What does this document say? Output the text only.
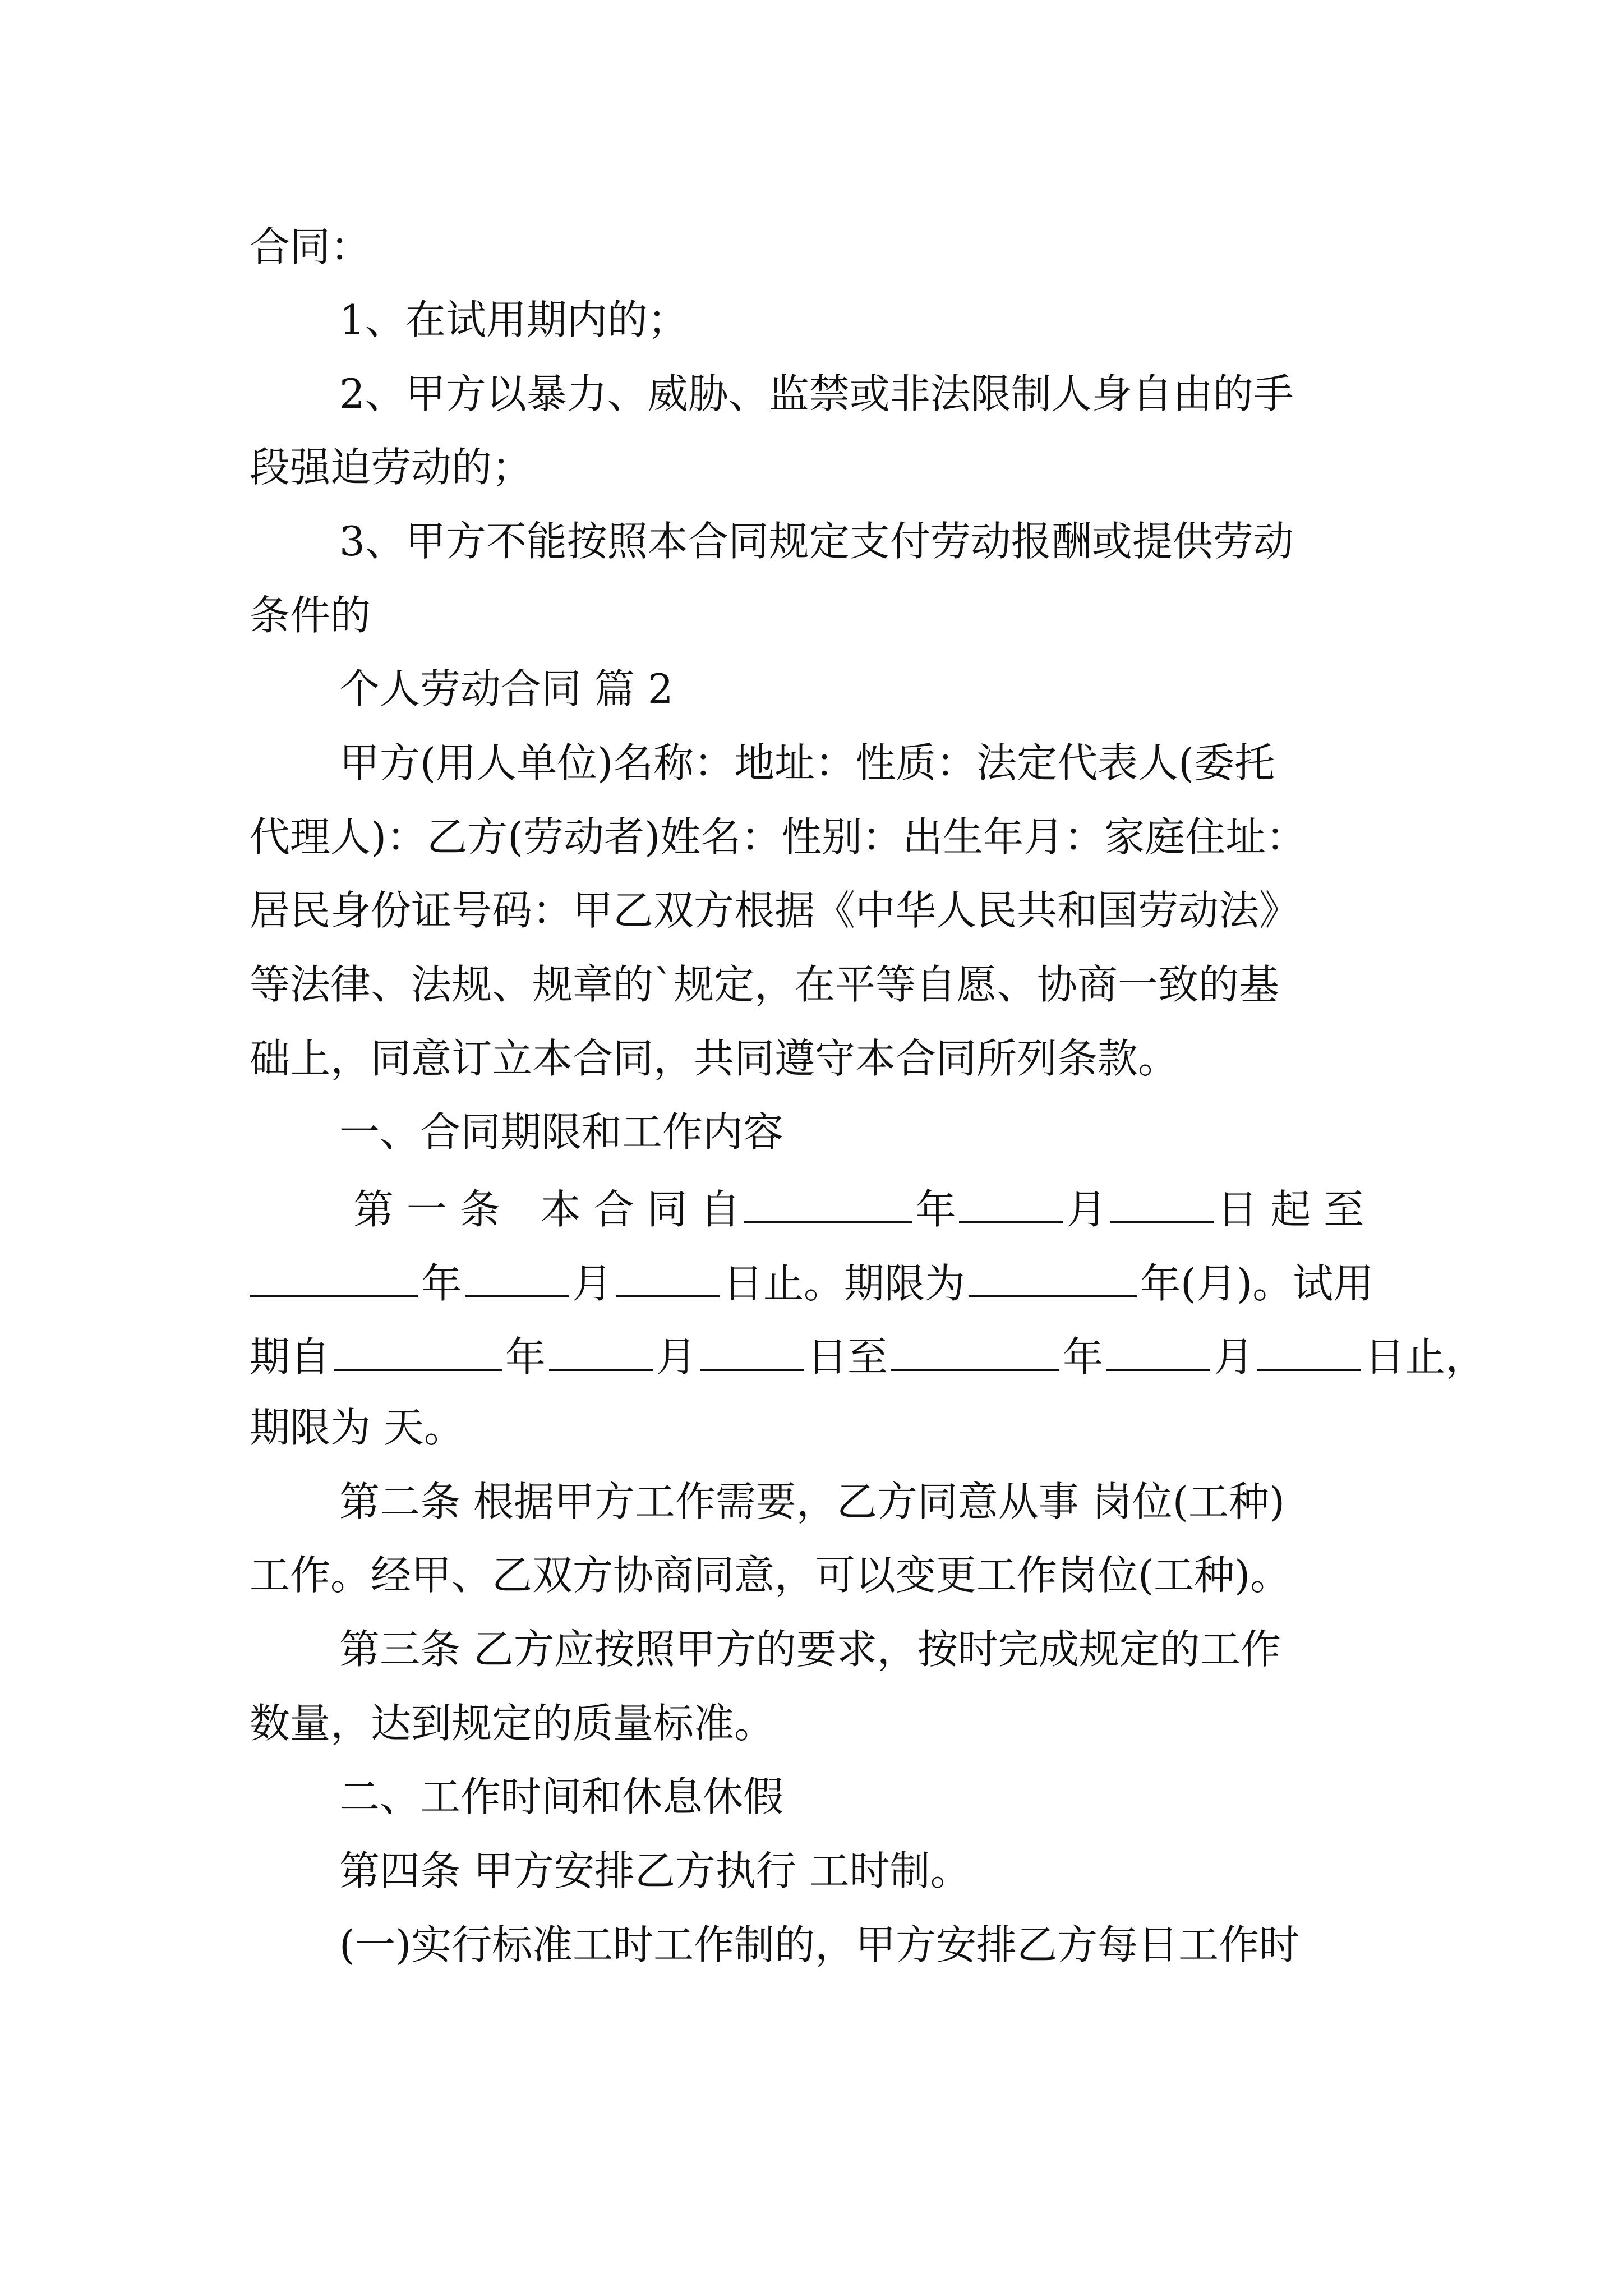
合同：
1、在试用期内的；
2、甲方以暴力、威胁、监禁或非法限制人身自由的手
段强迫劳动的；
3、甲方不能按照本合同规定支付劳动报酬或提供劳动
条件的
个人劳动合同 篇 2
甲方(用人单位)名称：地址：性质：法定代表人(委托
代理人)：乙方(劳动者)姓名：性别：出生年月：家庭住址：
居民身份证号码：甲乙双方根据《中华人民共和国劳动法》
等法律、法规、规章的`规定，在平等自愿、协商一致的基
础上，同意订立本合同，共同遵守本合同所列条款。
一、合同期限和工作内容
第 一 条　本 合 同 自	年	月	日 起 至
年	月	日止。期限为	年(月)。试用
期自	年	月	日至	年	月	日止，
期限为 天。
第二条 根据甲方工作需要，乙方同意从事 岗位(工种)
工作。经甲、乙双方协商同意，可以变更工作岗位(工种)。
第三条 乙方应按照甲方的要求，按时完成规定的工作
数量，达到规定的质量标准。
二、工作时间和休息休假
第四条 甲方安排乙方执行 工时制。
(一)实行标准工时工作制的，甲方安排乙方每日工作时
